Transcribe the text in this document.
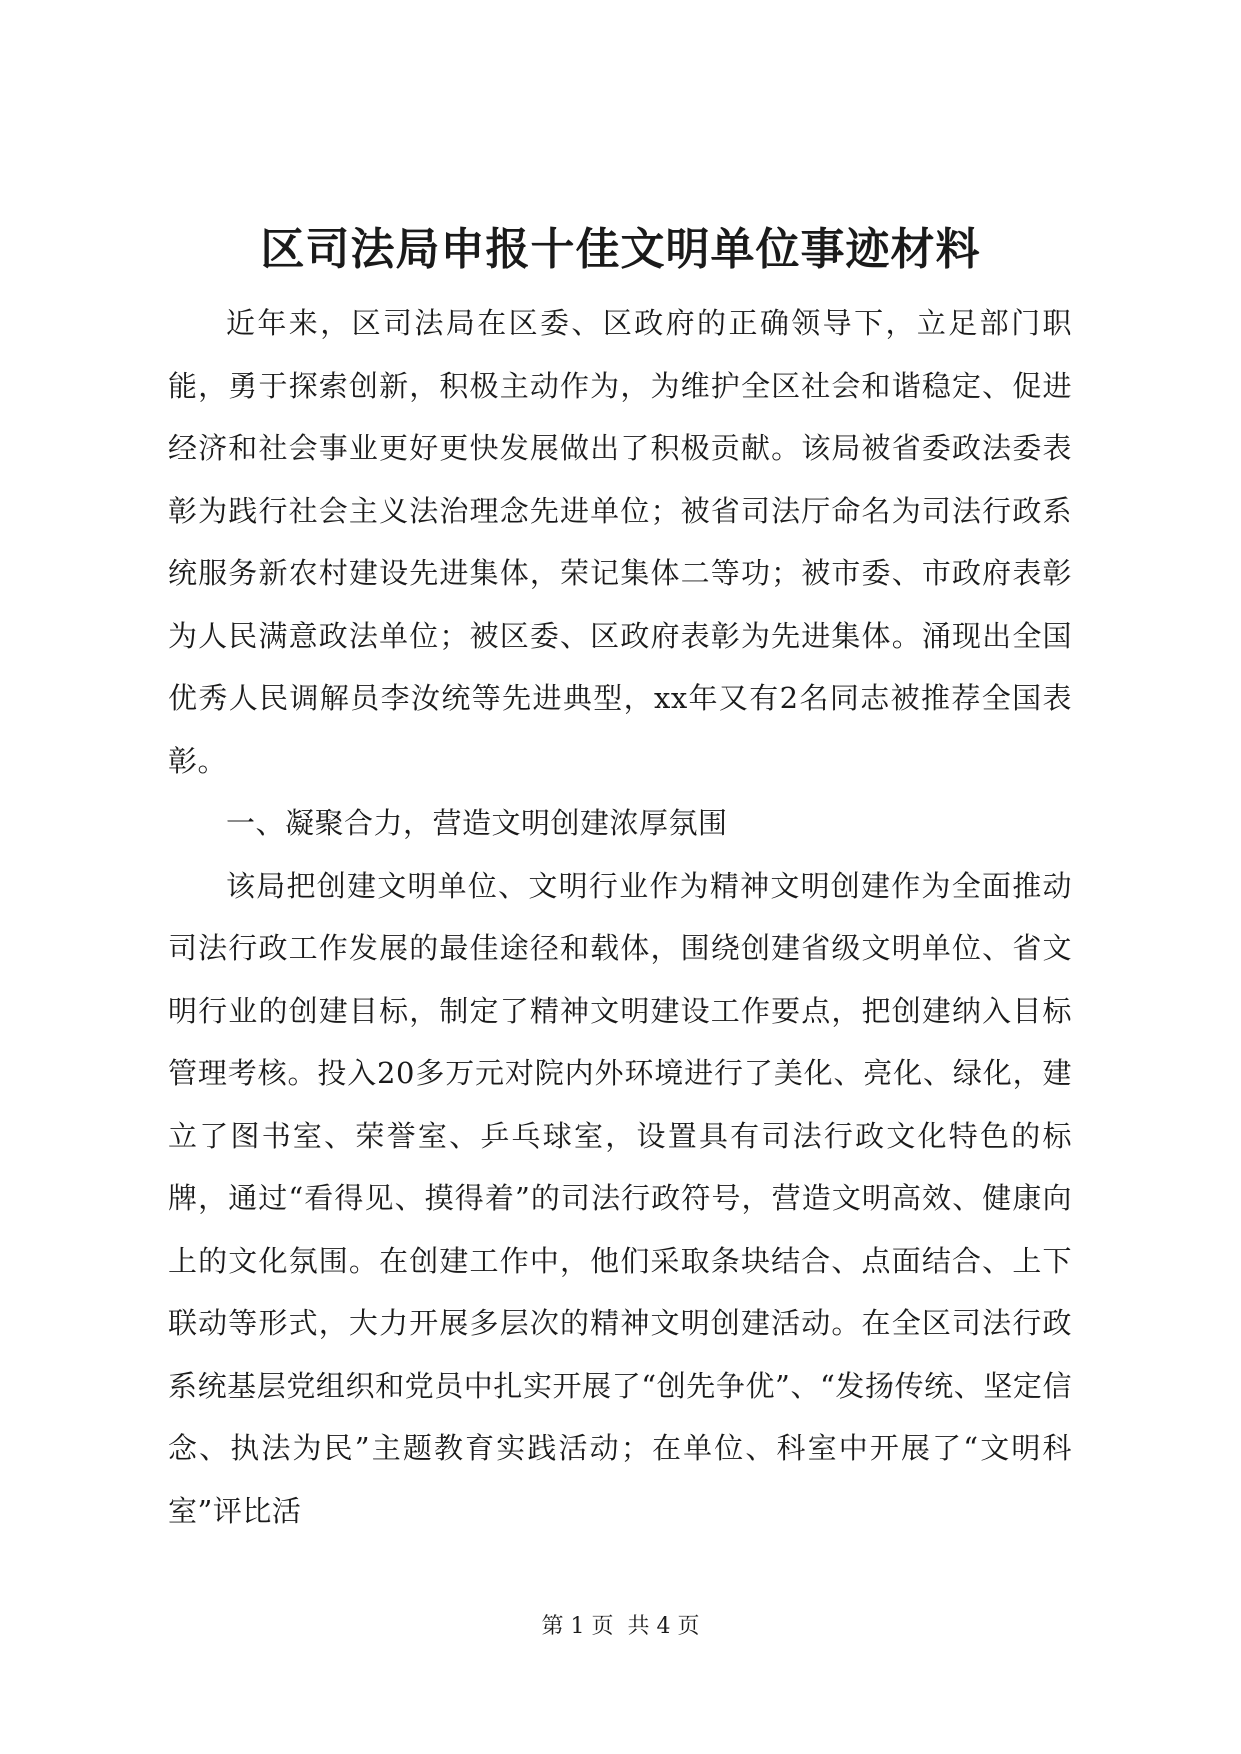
区司法局申报十佳文明单位事迹材料

近年来，区司法局在区委、区政府的正确领导下，立足部门职能，勇于探索创新，积极主动作为，为维护全区社会和谐稳定、促进经济和社会事业更好更快发展做出了积极贡献。该局被省委政法委表彰为践行社会主义法治理念先进单位；被省司法厅命名为司法行政系统服务新农村建设先进集体，荣记集体二等功；被市委、市政府表彰为人民满意政法单位；被区委、区政府表彰为先进集体。涌现出全国优秀人民调解员李汝统等先进典型，xx年又有2名同志被推荐全国表彰。

一、凝聚合力，营造文明创建浓厚氛围

该局把创建文明单位、文明行业作为精神文明创建作为全面推动司法行政工作发展的最佳途径和载体，围绕创建省级文明单位、省文明行业的创建目标，制定了精神文明建设工作要点，把创建纳入目标管理考核。投入20多万元对院内外环境进行了美化、亮化、绿化，建立了图书室、荣誉室、乒乓球室，设置具有司法行政文化特色的标牌，通过“看得见、摸得着”的司法行政符号，营造文明高效、健康向上的文化氛围。在创建工作中，他们采取条块结合、点面结合、上下联动等形式，大力开展多层次的精神文明创建活动。在全区司法行政系统基层党组织和党员中扎实开展了“创先争优”、“发扬传统、坚定信念、执法为民”主题教育实践活动；在单位、科室中开展了“文明科室”评比活

第 1 页  共 4 页
